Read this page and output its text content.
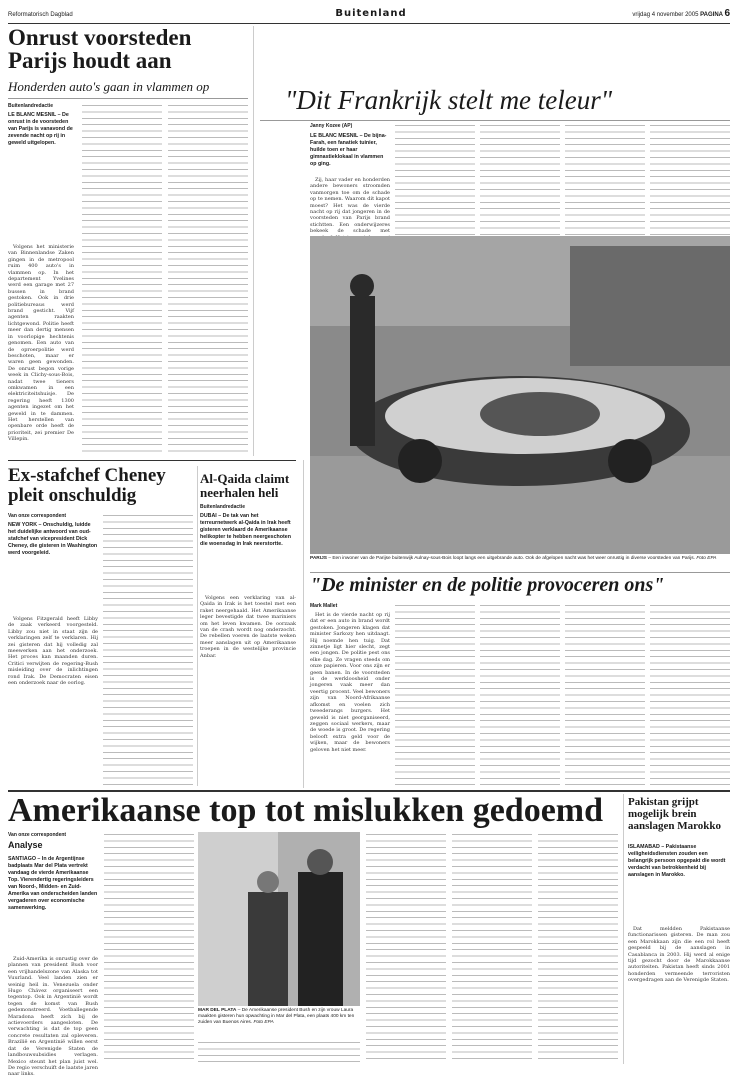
Reformatorisch Dagblad	Buitenland	vrijdag 4 november 2005 PAGINA 6
Onrust voorsteden Parijs houdt aan
Honderden auto's gaan in vlammen op
Buitenlandredactie
LE BLANC MESNIL – De onrust in de voorsteden van Parijs is vanavond de zevende nacht op rij in geweld uitgelopen.

Volgens het ministerie van Binnenlandse Zaken gingen in de metropool ruim 400 auto's in vlammen op. In het departement Yvelines werd een garage met 27 bussen in brand gestoken. Ook in drie politiebureaus werd brand gesticht. Vijf agenten raakten lichtgewond. Politie heeft meer dan dertig mensen in voorlopige hechtenis genomen. Een auto van de oproerpolitie werd beschoten, maar er waren geen gewonden. De onrust begon vorige week in Clichy-sous-Bois, nadat twee tieners omkwamen in een elektriciteitshuisje. De regering heeft 1300 agenten ingezet om het geweld in te dammen. Het herstellen van openbare orde heeft de prioriteit, zei premier De Villepin.

"Dit Frankrijk stelt me teleur"
Janny Kozee (AP)
LE BLANC MESNIL – De bijna-Farah, een fanatiek tuinier, huilde toen er haar gimnastieklokaal in vlammen op ging.

Zij, haar vader en honderden andere bewoners stroomden vanmorgen toe om de schade op te nemen. Waarom dit kapot moest? Het was de vierde nacht op rij dat jongeren in de voorsteden van Parijs brand stichtten. Een onderwijzeres bekeek de schade met

PARIJS – Een inwoner van de Parijse buitenwijk Aulnay-sous-Bois loopt langs een uitgebrande auto. Ook de afgelopen nacht was het weer onrustig in diverse voorsteden van Parijs. Foto EPA
Ex-stafchef Cheney pleit onschuldig
Van onze correspondent
NEW YORK – Onschuldig, luidde het duidelijke antwoord van oud-stafchef van vicepresident Dick Cheney, die gisteren in Washington werd voorgeleid.

Volgens Fitzgerald heeft Libby de zaak verkeerd voorgesteld. Libby zou niet in staat zijn de verklaringen zelf te verklaren. Hij zei gisteren dat hij volledig zal meewerken aan het onderzoek. Het proces kan maanden duren. Critici verwijten de regering-Bush misleiding over de inlichtingen rond Irak. De Democraten eisen een onderzoek naar de oorlog.

Al-Qaida claimt neerhalen heli
Buitenlandredactie
DUBAI – De tak van het terreurnetwerk al-Qaida in Irak heeft gisteren verklaard de Amerikaanse helikopter te hebben neergeschoten die woensdag in Irak neerstortte.

Volgens een verklaring van al-Qaida in Irak is het toestel met een raket neergehaald. Het Amerikaanse leger bevestigde dat twee mariniers om het leven kwamen. De oorzaak van de crash wordt nog onderzocht. De rebellen voeren de laatste weken meer aanslagen uit op Amerikaanse troepen in de westelijke provincie Anbar.

"De minister en de politie provoceren ons"
Mark Mallet

Het is de vierde nacht op rij dat er een auto in brand wordt gestoken. Jongeren klagen dat minister Sarkozy hen uitdaagt. Hij noemde hen tuig. Dat zinnetje ligt hier slecht, zegt een jongen. De politie pest ons elke dag. Ze vragen steeds om onze papieren. Voor ons zijn er geen banen. In de voorsteden is de werkloosheid onder jongeren vaak meer dan veertig procent. Veel bewoners zijn van Noord-Afrikaanse afkomst en voelen zich tweederangs burgers. Het geweld is niet georganiseerd, zeggen sociaal werkers, maar de woede is groot. De regering belooft extra geld voor de wijken, maar de bewoners geloven het niet meer.

Amerikaanse top tot mislukken gedoemd
Van onze correspondent
Analyse
SANTIAGO – In de Argentijnse badplaats Mar del Plata vertrekt vandaag de vierde Amerikaanse Top. Vierendertig regeringsleiders van Noord-, Midden- en Zuid-Amerika van onderscheiden landen vergaderen over economische samenwerking.

Zuid-Amerika is onrustig over de plannen van president Bush voor een vrijhandelszone van Alaska tot Vuurland. Veel landen zien er weinig heil in. Venezuela onder Hugo Chávez organiseert een tegentop. Ook in Argentinië wordt tegen de komst van Bush gedemonstreerd. Voetballegende Maradona heeft zich bij de actievoerders aangesloten. De verwachting is dat de top geen concrete resultaten zal opleveren. Brazilië en Argentinië willen eerst dat de Verenigde Staten de landbouwsubsidies verlagen. Mexico steunt het plan juist wel. De regio verschuift de laatste jaren naar links.

MAR DEL PLATA – De Amerikaanse president Bush en zijn vrouw Laura maakten gisteren hun opwachting in Mar del Plata, een plaats 400 km ten zuiden van Buenos Aires. Foto EPA
Pakistan grijpt mogelijk brein aanslagen Marokko
ISLAMABAD – Pakistaanse veiligheidsdiensten zouden een belangrijk persoon opgepakt die wordt verdacht van betrokkenheid bij aanslagen in Marokko.

Dat meldden Pakistaanse functionarissen gisteren. De man zou een Marokkaan zijn die een rol heeft gespeeld bij de aanslagen in Casablanca in 2003. Hij werd al enige tijd gezocht door de Marokkaanse autoriteiten. Pakistan heeft sinds 2001 honderden vermeende terroristen overgedragen aan de Verenigde Staten.
